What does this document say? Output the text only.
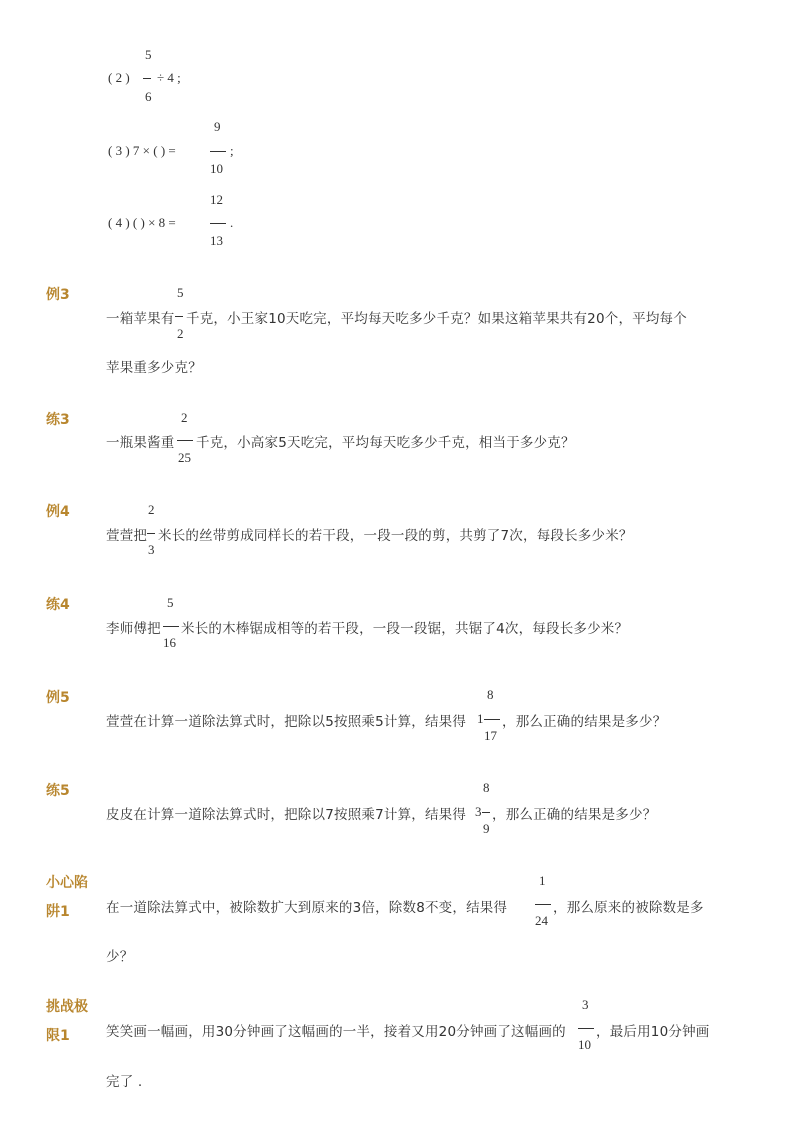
5
( 2 ) ÷ 4 ;
6
9
( 3 ) 7 × ( ) =	;
10
12
( 4 ) ( ) × 8 =	.
13
例3	5
一箱苹果有 千克，小王家10天吃完，平均每天吃多少千克？如果这箱苹果共有20个，平均每个
2
苹果重多少克？
练3	2
一瓶果酱重 千克，小高家5天吃完，平均每天吃多少千克，相当于多少克？
25
例4	2
萱萱把 米长的丝带剪成同样长的若干段，一段一段的剪，共剪了7次，每段长多少米？
3
练4	5
李师傅把 米长的木棒锯成相等的若干段，一段一段锯，共锯了4次，每段长多少米？
16
例5	8
萱萱在计算一道除法算式时，把除以5按照乘5计算，结果得 1 ，那么正确的结果是多少？
17
练5	8
皮皮在计算一道除法算式时，把除以7按照乘7计算，结果得 3 ，那么正确的结果是多少？
9
小心陷
阱1
1
在一道除法算式中，被除数扩大到原来的3倍，除数8不变，结果得	，那么原来的被除数是多
24
少？
挑战极
限1
3
笑笑画一幅画，用30分钟画了这幅画的一半，接着又用20分钟画了这幅画的 ，最后用10分钟画
10
完了 .
